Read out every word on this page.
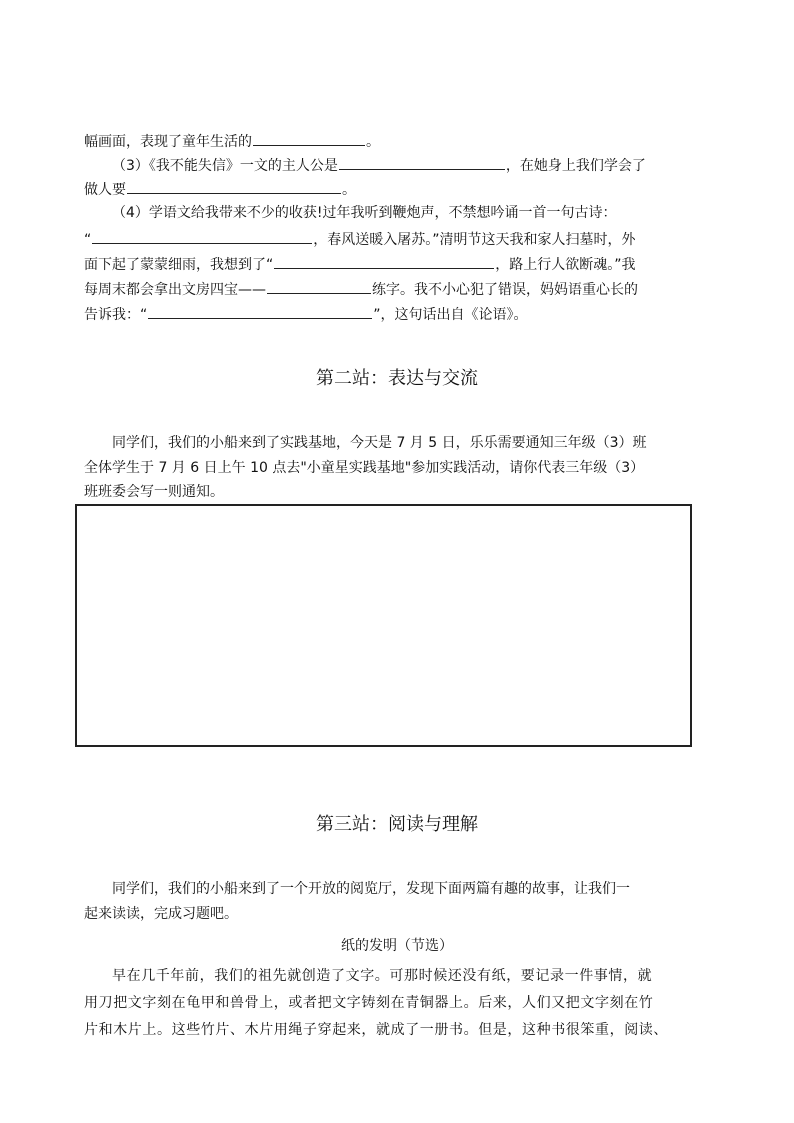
幅画面，表现了童年生活的	。
（3）《我不能失信》一文的主人公是	，在她身上我们学会了
做人要	。
（4）学语文给我带来不少的收获!过年我听到鞭炮声，不禁想吟诵一首一句古诗：
“	，春风送暖入屠苏。”清明节这天我和家人扫墓时，外
面下起了蒙蒙细雨，我想到了“	，路上行人欲断魂。”我
每周末都会拿出文房四宝——	练字。我不小心犯了错误，妈妈语重心长的
告诉我：“	”，这句话出自《论语》。
第二站：表达与交流
同学们，我们的小船来到了实践基地，今天是 7 月 5 日，乐乐需要通知三年级（3）班
全体学生于 7 月 6 日上午 10 点去"小童星实践基地"参加实践活动，请你代表三年级（3）
班班委会写一则通知。
第三站：阅读与理解
同学们，我们的小船来到了一个开放的阅览厅，发现下面两篇有趣的故事，让我们一
起来读读，完成习题吧。
纸的发明（节选）
早在几千年前，我们的祖先就创造了文字。可那时候还没有纸，要记录一件事情，就
用刀把文字刻在龟甲和兽骨上，或者把文字铸刻在青铜器上。后来，人们又把文字刻在竹
片和木片上。这些竹片、木片用绳子穿起来，就成了一册书。但是，这种书很笨重，阅读、
